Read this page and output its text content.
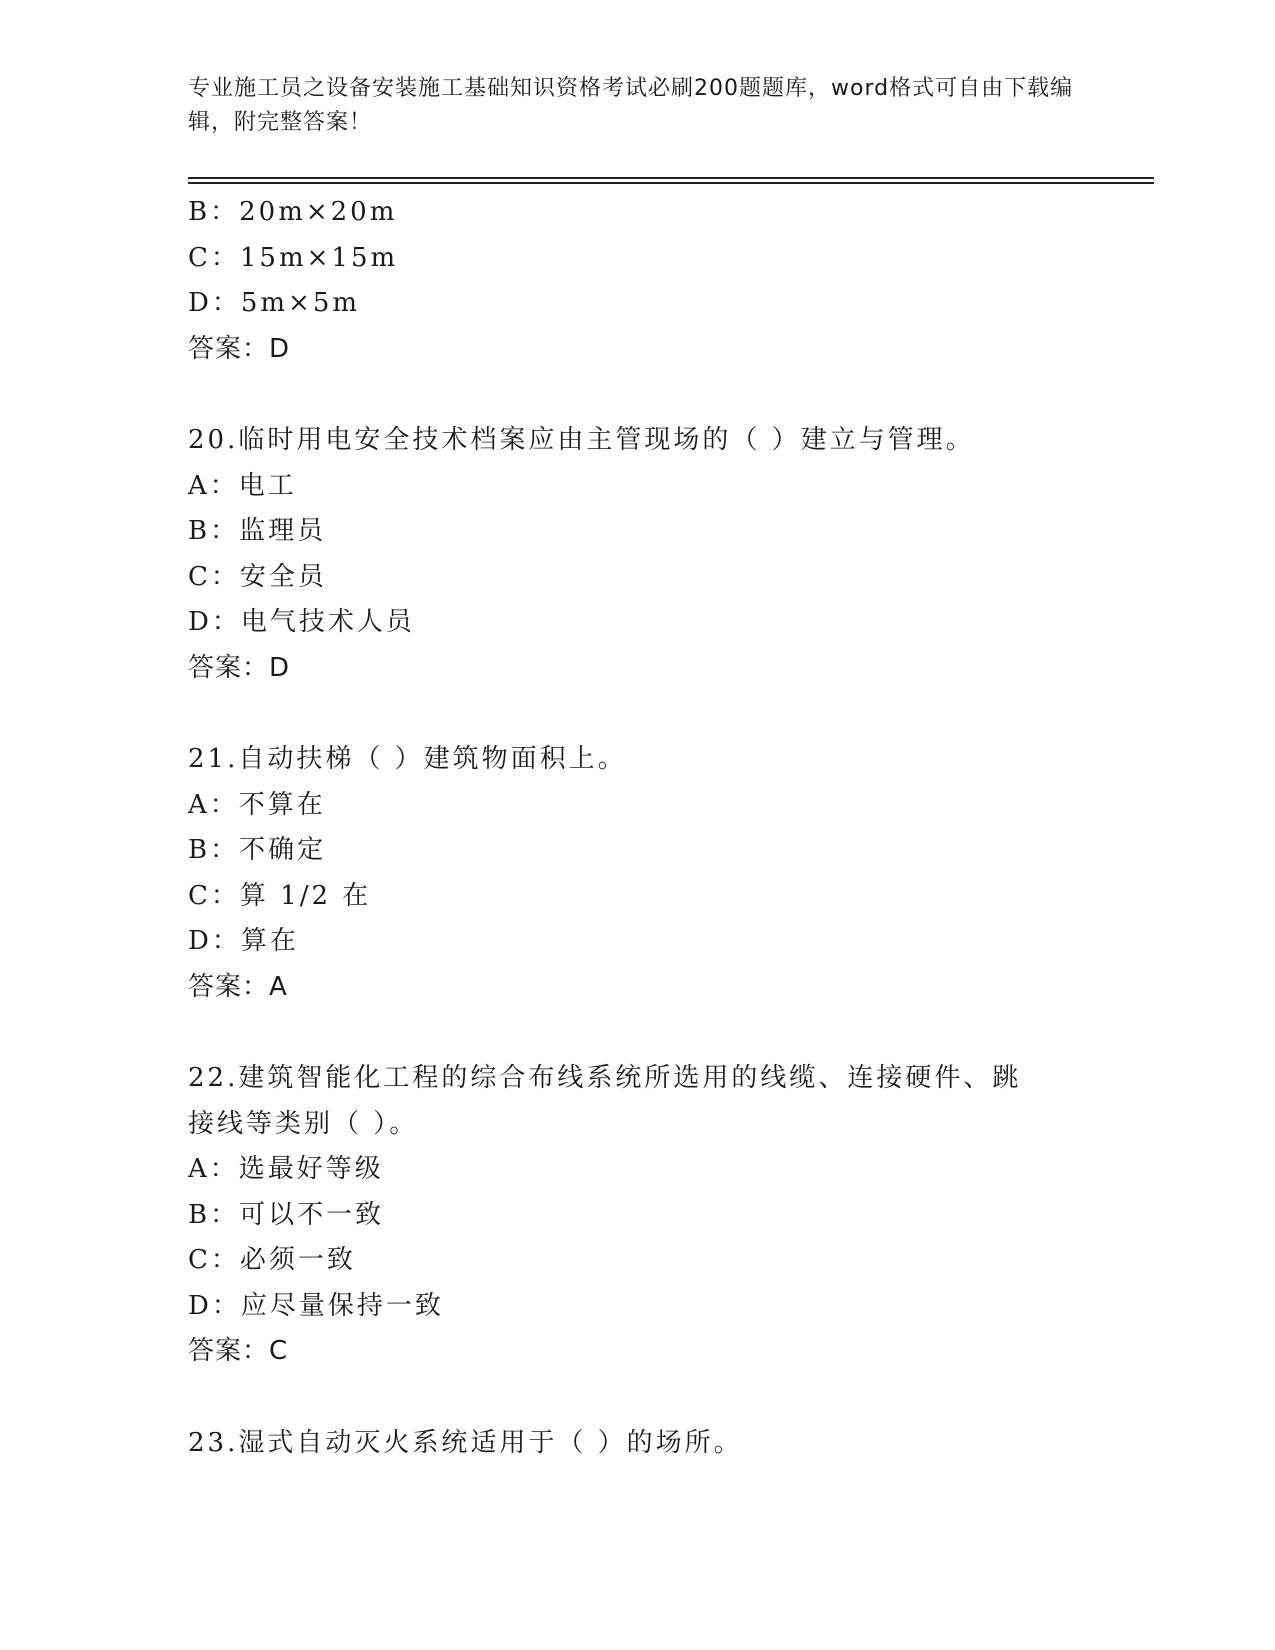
专业施工员之设备安装施工基础知识资格考试必刷200题题库，word格式可自由下载编辑，附完整答案！
B：20m×20m
C：15m×15m
D：5m×5m
答案：D
20.临时用电安全技术档案应由主管现场的（ ）建立与管理。
A：电工
B：监理员
C：安全员
D：电气技术人员
答案：D
21.自动扶梯（ ）建筑物面积上。
A：不算在
B：不确定
C：算 1/2 在
D：算在
答案：A
22.建筑智能化工程的综合布线系统所选用的线缆、连接硬件、跳接线等类别（ ）。
A：选最好等级
B：可以不一致
C：必须一致
D：应尽量保持一致
答案：C
23.湿式自动灭火系统适用于（ ）的场所。
